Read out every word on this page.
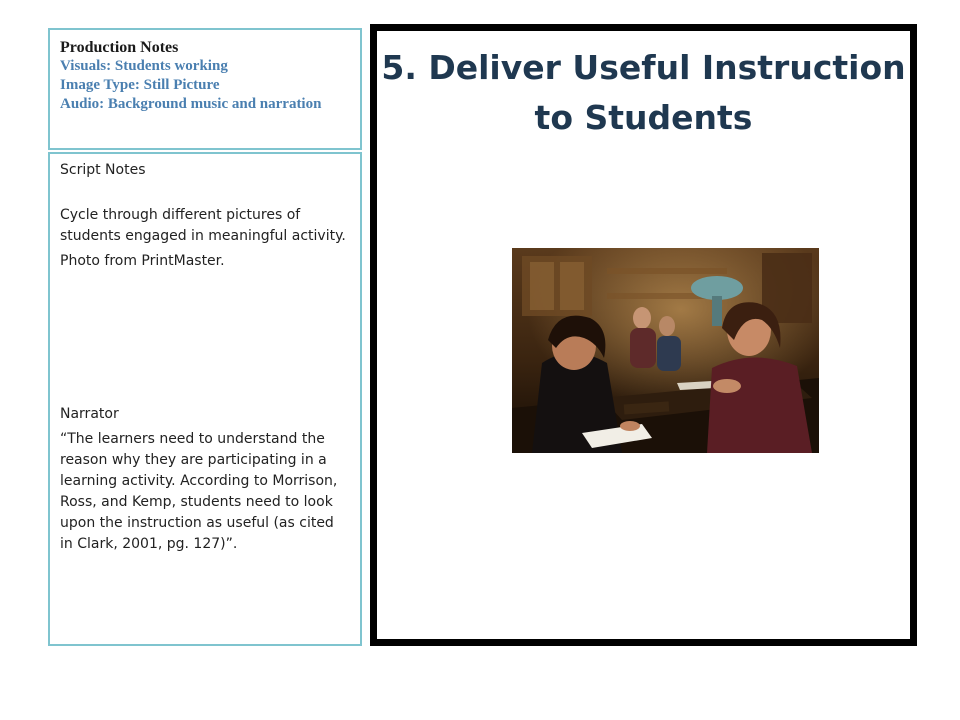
Production Notes
Visuals: Students working
Image Type: Still Picture
Audio: Background music and narration

Script Notes

Cycle through different pictures of students engaged in meaningful activity.

Photo from PrintMaster.

Narrator

“The learners need to understand the reason why they are participating in a learning activity. According to Morrison, Ross, and Kemp, students need to look upon the instruction as useful (as cited in Clark, 2001, pg. 127)”.

5. Deliver Useful Instruction to Students
